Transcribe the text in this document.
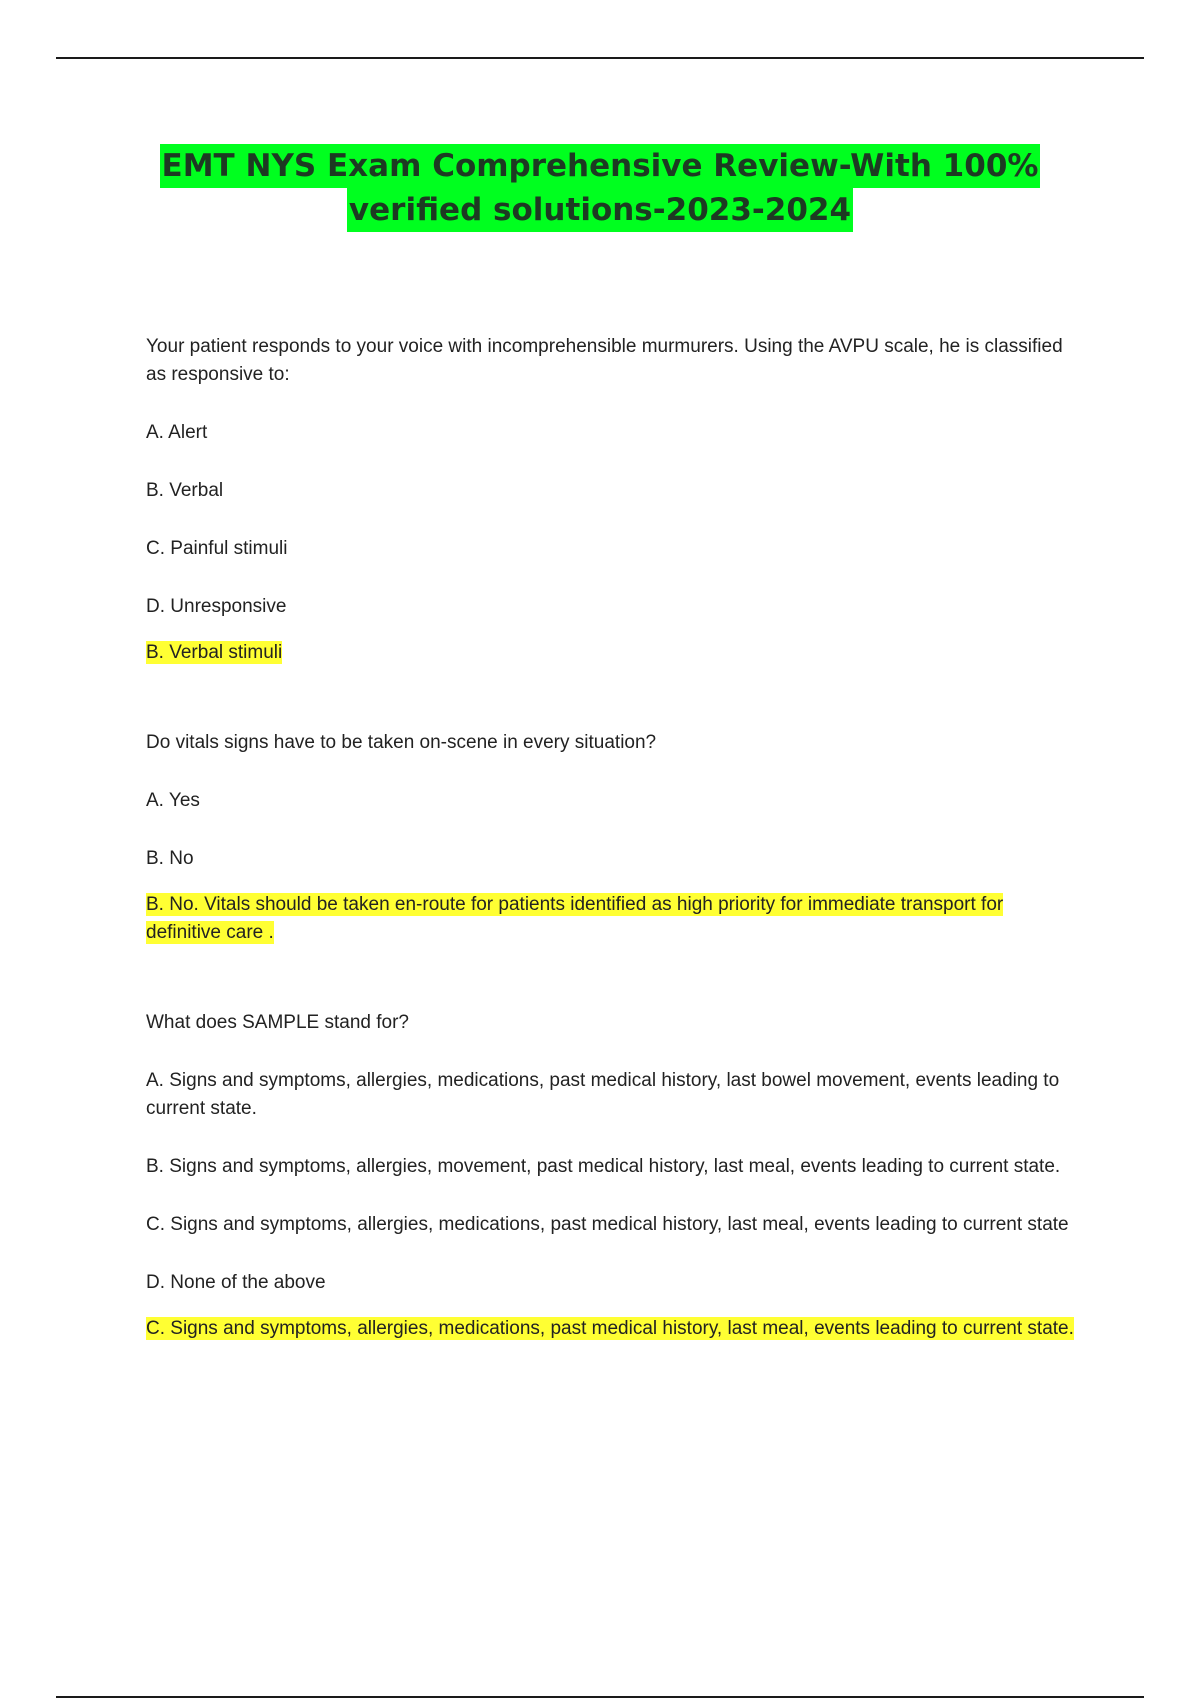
EMT NYS Exam Comprehensive Review-With 100%
verified solutions-2023-2024

Your patient responds to your voice with incomprehensible murmurers. Using the AVPU scale, he is classified as responsive to:

A. Alert

B. Verbal

C. Painful stimuli

D. Unresponsive

B. Verbal stimuli

Do vitals signs have to be taken on-scene in every situation?

A. Yes

B. No

B. No. Vitals should be taken en-route for patients identified as high priority for immediate transport for definitive care .

What does SAMPLE stand for?

A. Signs and symptoms, allergies, medications, past medical history, last bowel movement, events leading to current state.

B. Signs and symptoms, allergies, movement, past medical history, last meal, events leading to current state.

C. Signs and symptoms, allergies, medications, past medical history, last meal, events leading to current state

D. None of the above

C. Signs and symptoms, allergies, medications, past medical history, last meal, events leading to current state.
